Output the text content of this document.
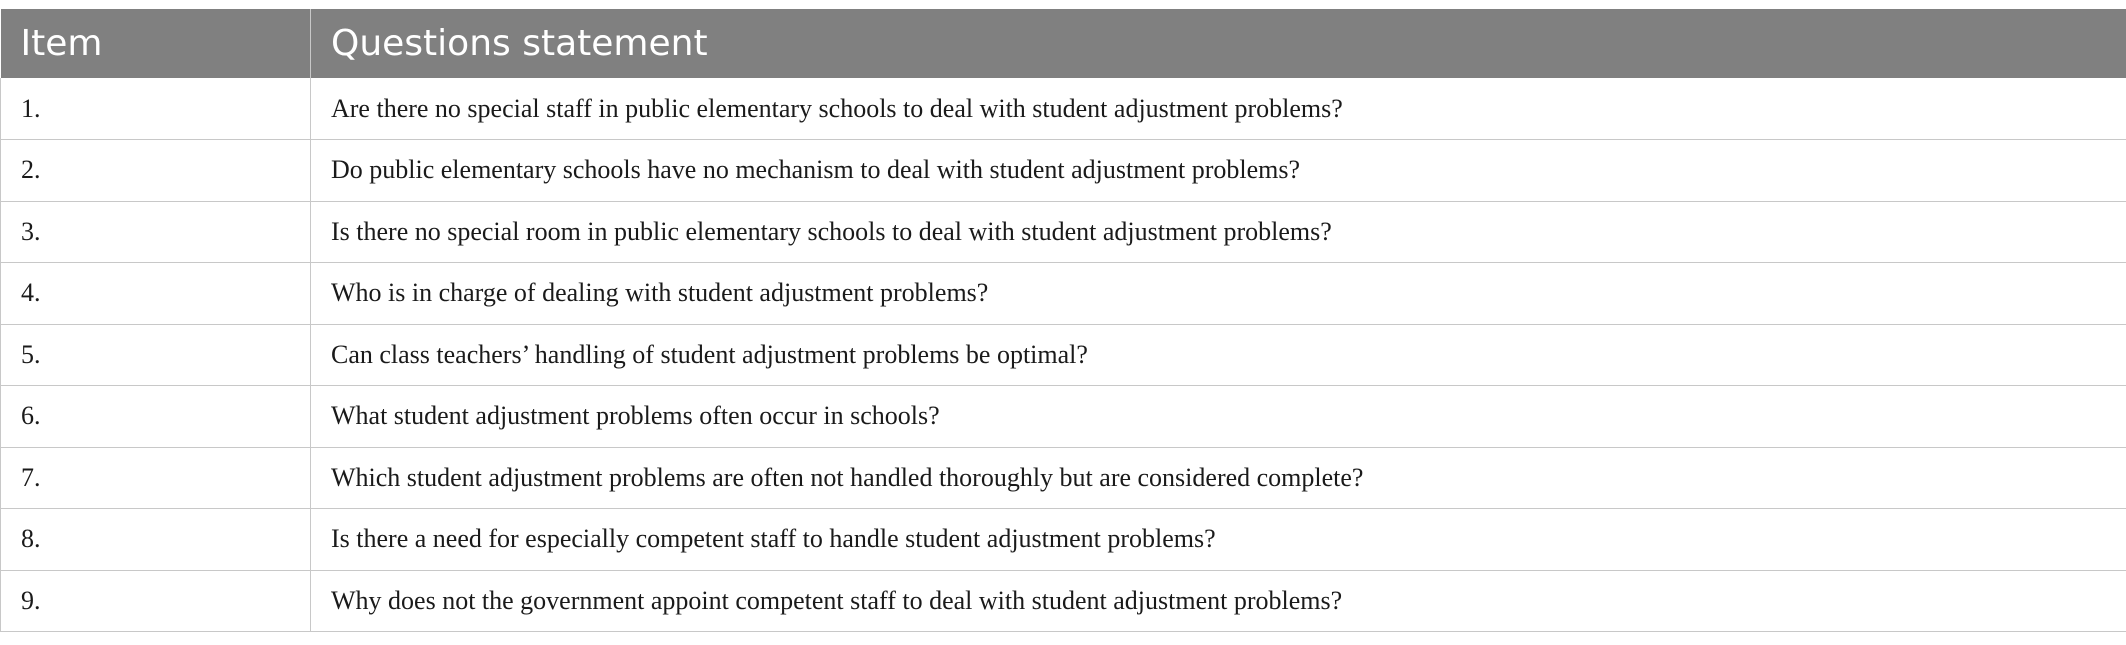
Item	Questions statement
1.	Are there no special staff in public elementary schools to deal with student adjustment problems?
2.	Do public elementary schools have no mechanism to deal with student adjustment problems?
3.	Is there no special room in public elementary schools to deal with student adjustment problems?
4.	Who is in charge of dealing with student adjustment problems?
5.	Can class teachers’ handling of student adjustment problems be optimal?
6.	What student adjustment problems often occur in schools?
7.	Which student adjustment problems are often not handled thoroughly but are considered complete?
8.	Is there a need for especially competent staff to handle student adjustment problems?
9.	Why does not the government appoint competent staff to deal with student adjustment problems?
